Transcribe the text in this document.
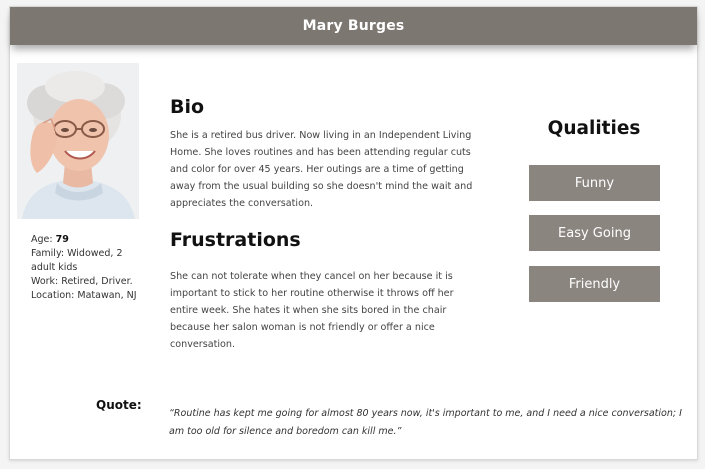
Mary Burges
Age: 79
Family: Widowed, 2 adult kids
Work: Retired, Driver.
Location: Matawan, NJ
Bio
She is a retired bus driver. Now living in an Independent Living Home. She loves routines and has been attending regular cuts and color for over 45 years. Her outings are a time of getting away from the usual building so she doesn't mind the wait and appreciates the conversation.
Frustrations
She can not tolerate when they cancel on her because it is important to stick to her routine otherwise it throws off her entire week. She hates it when she sits bored in the chair because her salon woman is not friendly or offer a nice conversation.
Qualities
Funny
Easy Going
Friendly
Quote:
“Routine has kept me going for almost 80 years now, it's important to me, and I need a nice conversation; I am too old for silence and boredom can kill me.”
